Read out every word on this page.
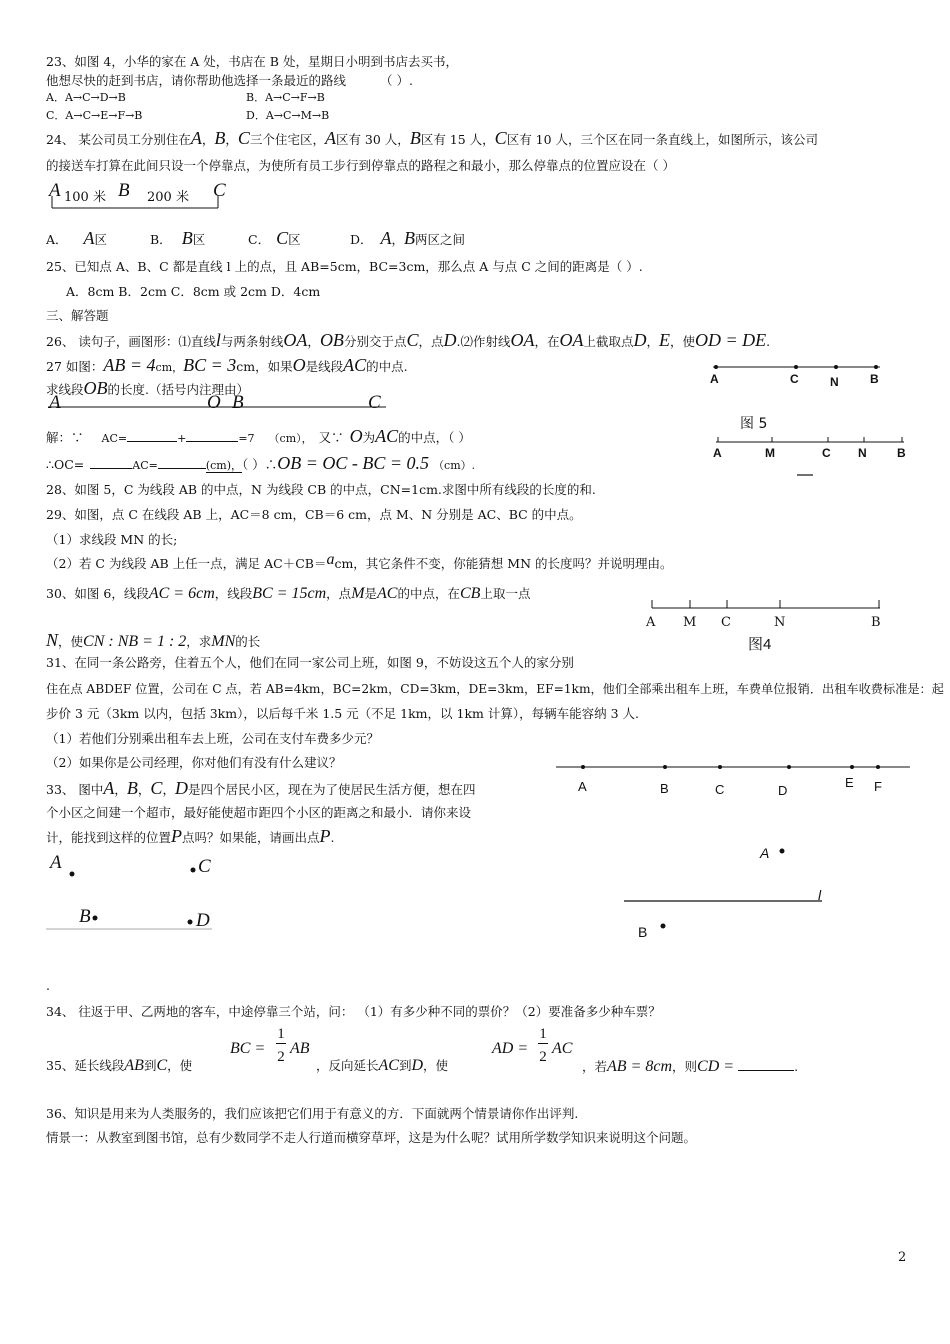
23、如图 4，小华的家在 A 处，书店在 B 处，星期日小明到书店去买书，
他想尽快的赶到书店，请你帮助他选择一条最近的路线	（ ）.
A．A→C→D→B	B．A→C→F→B
C．A→C→E→F→B	D．A→C→M→B
24、 某公司员工分别住在A，B，C三个住宅区，A区有 30 人，B区有 15 人，C区有 10 人，三个区在同一条直线上，如图所示，该公司
的接送车打算在此间只设一个停靠点，为使所有员工步行到停靠点的路程之和最小，那么停靠点的位置应设在（ ）
A 100 米 B 200 米 C
A． A区	B． B区	C． C区	D． A，B两区之间
25、已知点 A、B、C 都是直线 l 上的点，且 AB=5cm，BC=3cm，那么点 A 与点 C 之间的距离是（ ）.
A．8cm B．2cm C．8cm 或 2cm D．4cm
三、解答题
26、 读句子，画图形：⑴直线l与两条射线OA，OB分别交于点C，点D.⑵作射线OA，在OA上截取点D，E，使OD = DE.
27 如图：AB = 4cm，BC = 3cm，如果O是线段AC的中点.
求线段OB的长度.（括号内注理由）
A	O B	C
解：∵ AC=	+	=7 （cm）， 又∵ O为AC的中点，（ ）
∴OC=	AC=	(cm)，（ ）∴OB = OC - BC = 0.5 （cm）.
A	C	N	B
图 5
A	M	C N	B
28、如图 5，C 为线段 AB 的中点，N 为线段 CB 的中点，CN=1cm.求图中所有线段的长度的和.
29、如图，点 C 在线段 AB 上，AC＝8 cm，CB＝6 cm，点 M、N 分别是 AC、BC 的中点。
（1）求线段 MN 的长;
（2）若 C 为线段 AB 上任一点，满足 AC＋CB＝acm，其它条件不变，你能猜想 MN 的长度吗？并说明理由。
30、如图 6，线段AC = 6cm，线段BC = 15cm，点M是AC的中点，在CB上取一点
N，使CN : NB = 1 : 2，求MN的长
A M C	N	B
图4
31、在同一条公路旁，住着五个人，他们在同一家公司上班，如图 9，不妨设这五个人的家分别
住在点 ABDEF 位置，公司在 C 点，若 AB=4km，BC=2km，CD=3km，DE=3km，EF=1km，他们全部乘出租车上班，车费单位报销．出租车收费标准是：起
步价 3 元（3km 以内，包括 3km），以后每千米 1.5 元（不足 1km，以 1km 计算），每辆车能容纳 3 人.
（1）若他们分别乘出租车去上班，公司在支付车费多少元？
（2）如果你是公司经理，你对他们有没有什么建议？
A	B	C	D
E F
33、 图中A，B，C，D是四个居民小区，现在为了使居民生活方便，想在四
个小区之间建一个超市，最好能使超市距四个小区的距离之和最小．请你来设
计，能找到这样的位置P点吗？如果能，请画出点P.
A	C
B	D
A
l
B
.
34、 往返于甲、乙两地的客车，中途停靠三个站，问： （1）有多少种不同的票价？（2）要准备多少种车票？
35、延长线段AB到C，使
BC =
1
2 AB
，反向延长AC到D，使
AD =
1
2 AC
，若AB = 8cm，则CD =	.
36、知识是用来为人类服务的，我们应该把它们用于有意义的方．下面就两个情景请你作出评判.
情景一：从教室到图书馆，总有少数同学不走人行道而横穿草坪，这是为什么呢？试用所学数学知识来说明这个问题。
2
